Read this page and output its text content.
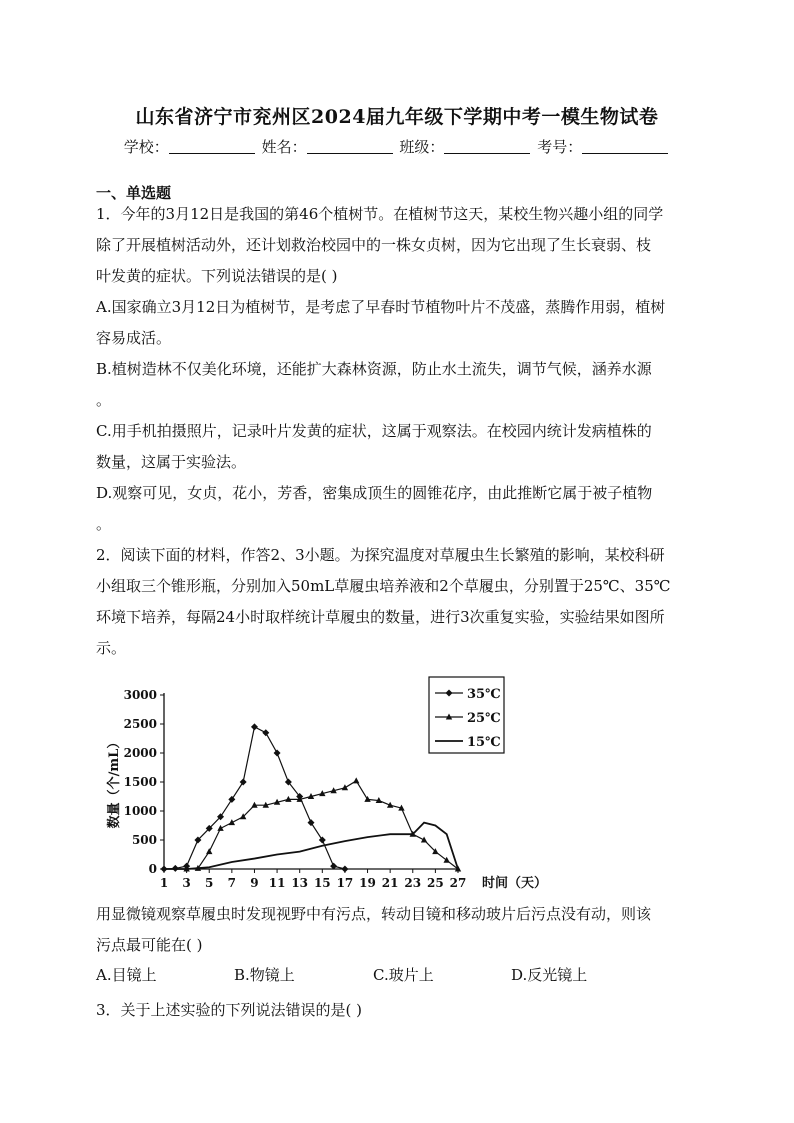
山东省济宁市兖州区2024届九年级下学期中考一模生物试卷
学校：	姓名：	班级：	考号：
一、单选题
1．今年的3月12日是我国的第46个植树节。在植树节这天，某校生物兴趣小组的同学
除了开展植树活动外，还计划救治校园中的一株女贞树，因为它出现了生长衰弱、枝
叶发黄的症状。下列说法错误的是( )
A.国家确立3月12日为植树节，是考虑了早春时节植物叶片不茂盛，蒸腾作用弱，植树
容易成活。
B.植树造林不仅美化环境，还能扩大森林资源，防止水土流失，调节气候，涵养水源
。
C.用手机拍摄照片，记录叶片发黄的症状，这属于观察法。在校园内统计发病植株的
数量，这属于实验法。
D.观察可见，女贞，花小，芳香，密集成顶生的圆锥花序，由此推断它属于被子植物
。
2．阅读下面的材料，作答2、3小题。为探究温度对草履虫生长繁殖的影响，某校科研
小组取三个锥形瓶，分别加入50mL草履虫培养液和2个草履虫，分别置于25℃、35℃
环境下培养，每隔24小时取样统计草履虫的数量，进行3次重复实验，实验结果如图所
示。
0
500
1000
1500
2000
2500
3000
1 3 5 7 9 11 13 15 17 19 21 23 25 27 时间（天）
数量（个/mL）
35℃
25℃
15℃
用显微镜观察草履虫时发现视野中有污点，转动目镜和移动玻片后污点没有动，则该
污点最可能在( )
A.目镜上	B.物镜上	C.玻片上	D.反光镜上
3．关于上述实验的下列说法错误的是( )
